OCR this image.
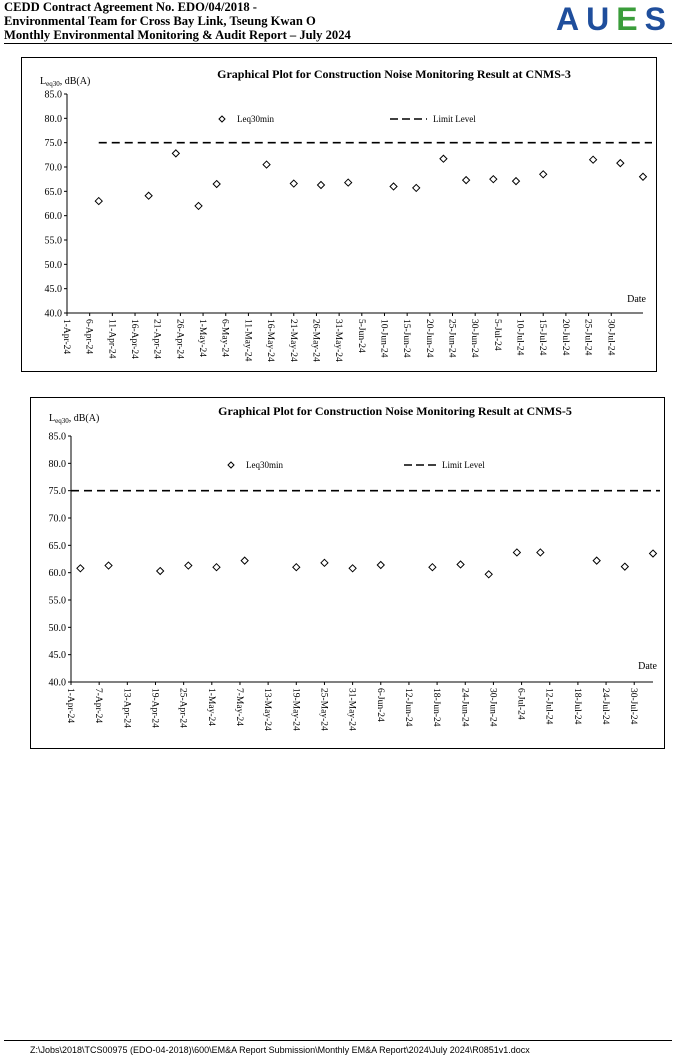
CEDD Contract Agreement No. EDO/04/2018 -
Environmental Team for Cross Bay Link, Tseung Kwan O
Monthly Environmental Monitoring & Audit Report – July 2024	A U E S
Graphical Plot for Construction Noise Monitoring Result at CNMS-3
$L_{eq30}$, dB(A)
85.0
80.0
75.0
70.0
65.0
60.0
55.0
50.0
45.0
40.0
1-Apr-24 6-Apr-24 11-Apr-24 16-Apr-24 21-Apr-24 26-Apr-24 1-May-24 6-May-24 11-May-24 16-May-24 21-May-24 26-May-24 31-May-24 5-Jun-24 10-Jun-24 15-Jun-24 20-Jun-24 25-Jun-24 30-Jun-24 5-Jul-24 10-Jul-24 15-Jul-24 20-Jul-24 25-Jul-24 30-Jul-24
Date
Leq30min	Limit Level
Graphical Plot for Construction Noise Monitoring Result at CNMS-5
$L_{eq30}$, dB(A)
85.0
80.0
75.0
70.0
65.0
60.0
55.0
50.0
45.0
40.0
1-Apr-24 7-Apr-24 13-Apr-24 19-Apr-24 25-Apr-24 1-May-24 7-May-24 13-May-24 19-May-24 25-May-24 31-May-24 6-Jun-24 12-Jun-24 18-Jun-24 24-Jun-24 30-Jun-24 6-Jul-24 12-Jul-24 18-Jul-24 24-Jul-24 30-Jul-24
Date
Leq30min	Limit Level
Z:\Jobs\2018\TCS00975 (EDO-04-2018)\600\EM&A Report Submission\Monthly EM&A Report\2024\July 2024\R0851v1.docx
